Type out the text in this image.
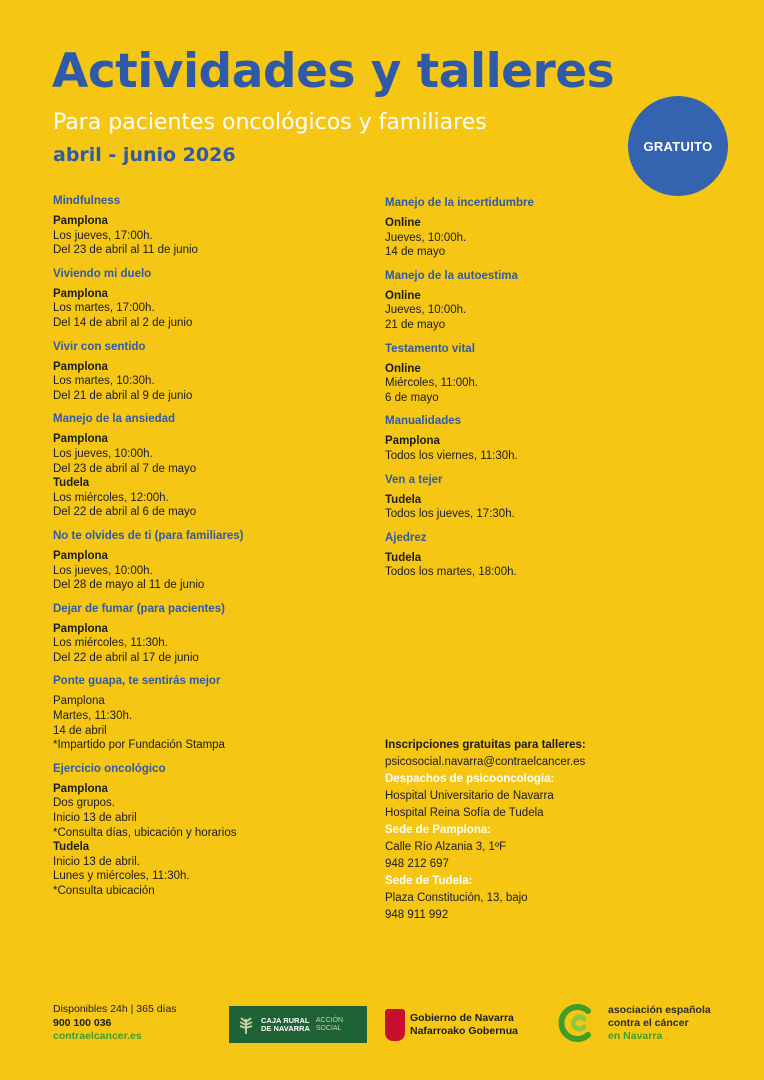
Actividades y talleres
Para pacientes oncológicos y familiares
abril - junio 2026	GRATUITO
Mindfulness
Pamplona
Los jueves, 17:00h.
Del 23 de abril al 11 de junio
Viviendo mi duelo
Pamplona
Los martes, 17:00h.
Del 14 de abril al 2 de junio
Vivir con sentido
Pamplona
Los martes, 10:30h.
Del 21 de abril al 9 de junio
Manejo de la ansiedad
Pamplona
Los jueves, 10:00h.
Del 23 de abril al 7 de mayo
Tudela
Los miércoles, 12:00h.
Del 22 de abril al 6 de mayo
No te olvides de ti (para familiares)
Pamplona
Los jueves, 10:00h.
Del 28 de mayo al 11 de junio
Dejar de fumar (para pacientes)
Pamplona
Los miércoles, 11:30h.
Del 22 de abril al 17 de junio
Ponte guapa, te sentirás mejor
Pamplona
Martes, 11:30h.
14 de abril
*Impartido por Fundación Stampa
Ejercicio oncológico
Pamplona
Dos grupos.
Inicio 13 de abril
*Consulta días, ubicación y horarios
Tudela
Inicio 13 de abril.
Lunes y miércoles, 11:30h.
*Consulta ubicación
Manejo de la incertidumbre
Online
Jueves, 10:00h.
14 de mayo
Manejo de la autoestima
Online
Jueves, 10:00h.
21 de mayo
Testamento vital
Online
Miércoles, 11:00h.
6 de mayo
Manualidades
Pamplona
Todos los viernes, 11:30h.
Ven a tejer
Tudela
Todos los jueves, 17:30h.
Ajedrez
Tudela
Todos los martes, 18:00h.
Inscripciones gratuitas para talleres:
psicosocial.navarra@contraelcancer.es
Despachos de psicooncología:
Hospital Universitario de Navarra
Hospital Reina Sofía de Tudela
Sede de Pamplona:
Calle Río Alzania 3, 1ºF
948 212 697
Sede de Tudela:
Plaza Constitución, 13, bajo
948 911 992
Disponibles 24h | 365 días
900 100 036
contraelcancer.es
CAJA RURAL
DE NAVARRA
ACCIÓN
SOCIAL
Gobierno de Navarra
Nafarroako Gobernua
asociación española
contra el cáncer
en Navarra
